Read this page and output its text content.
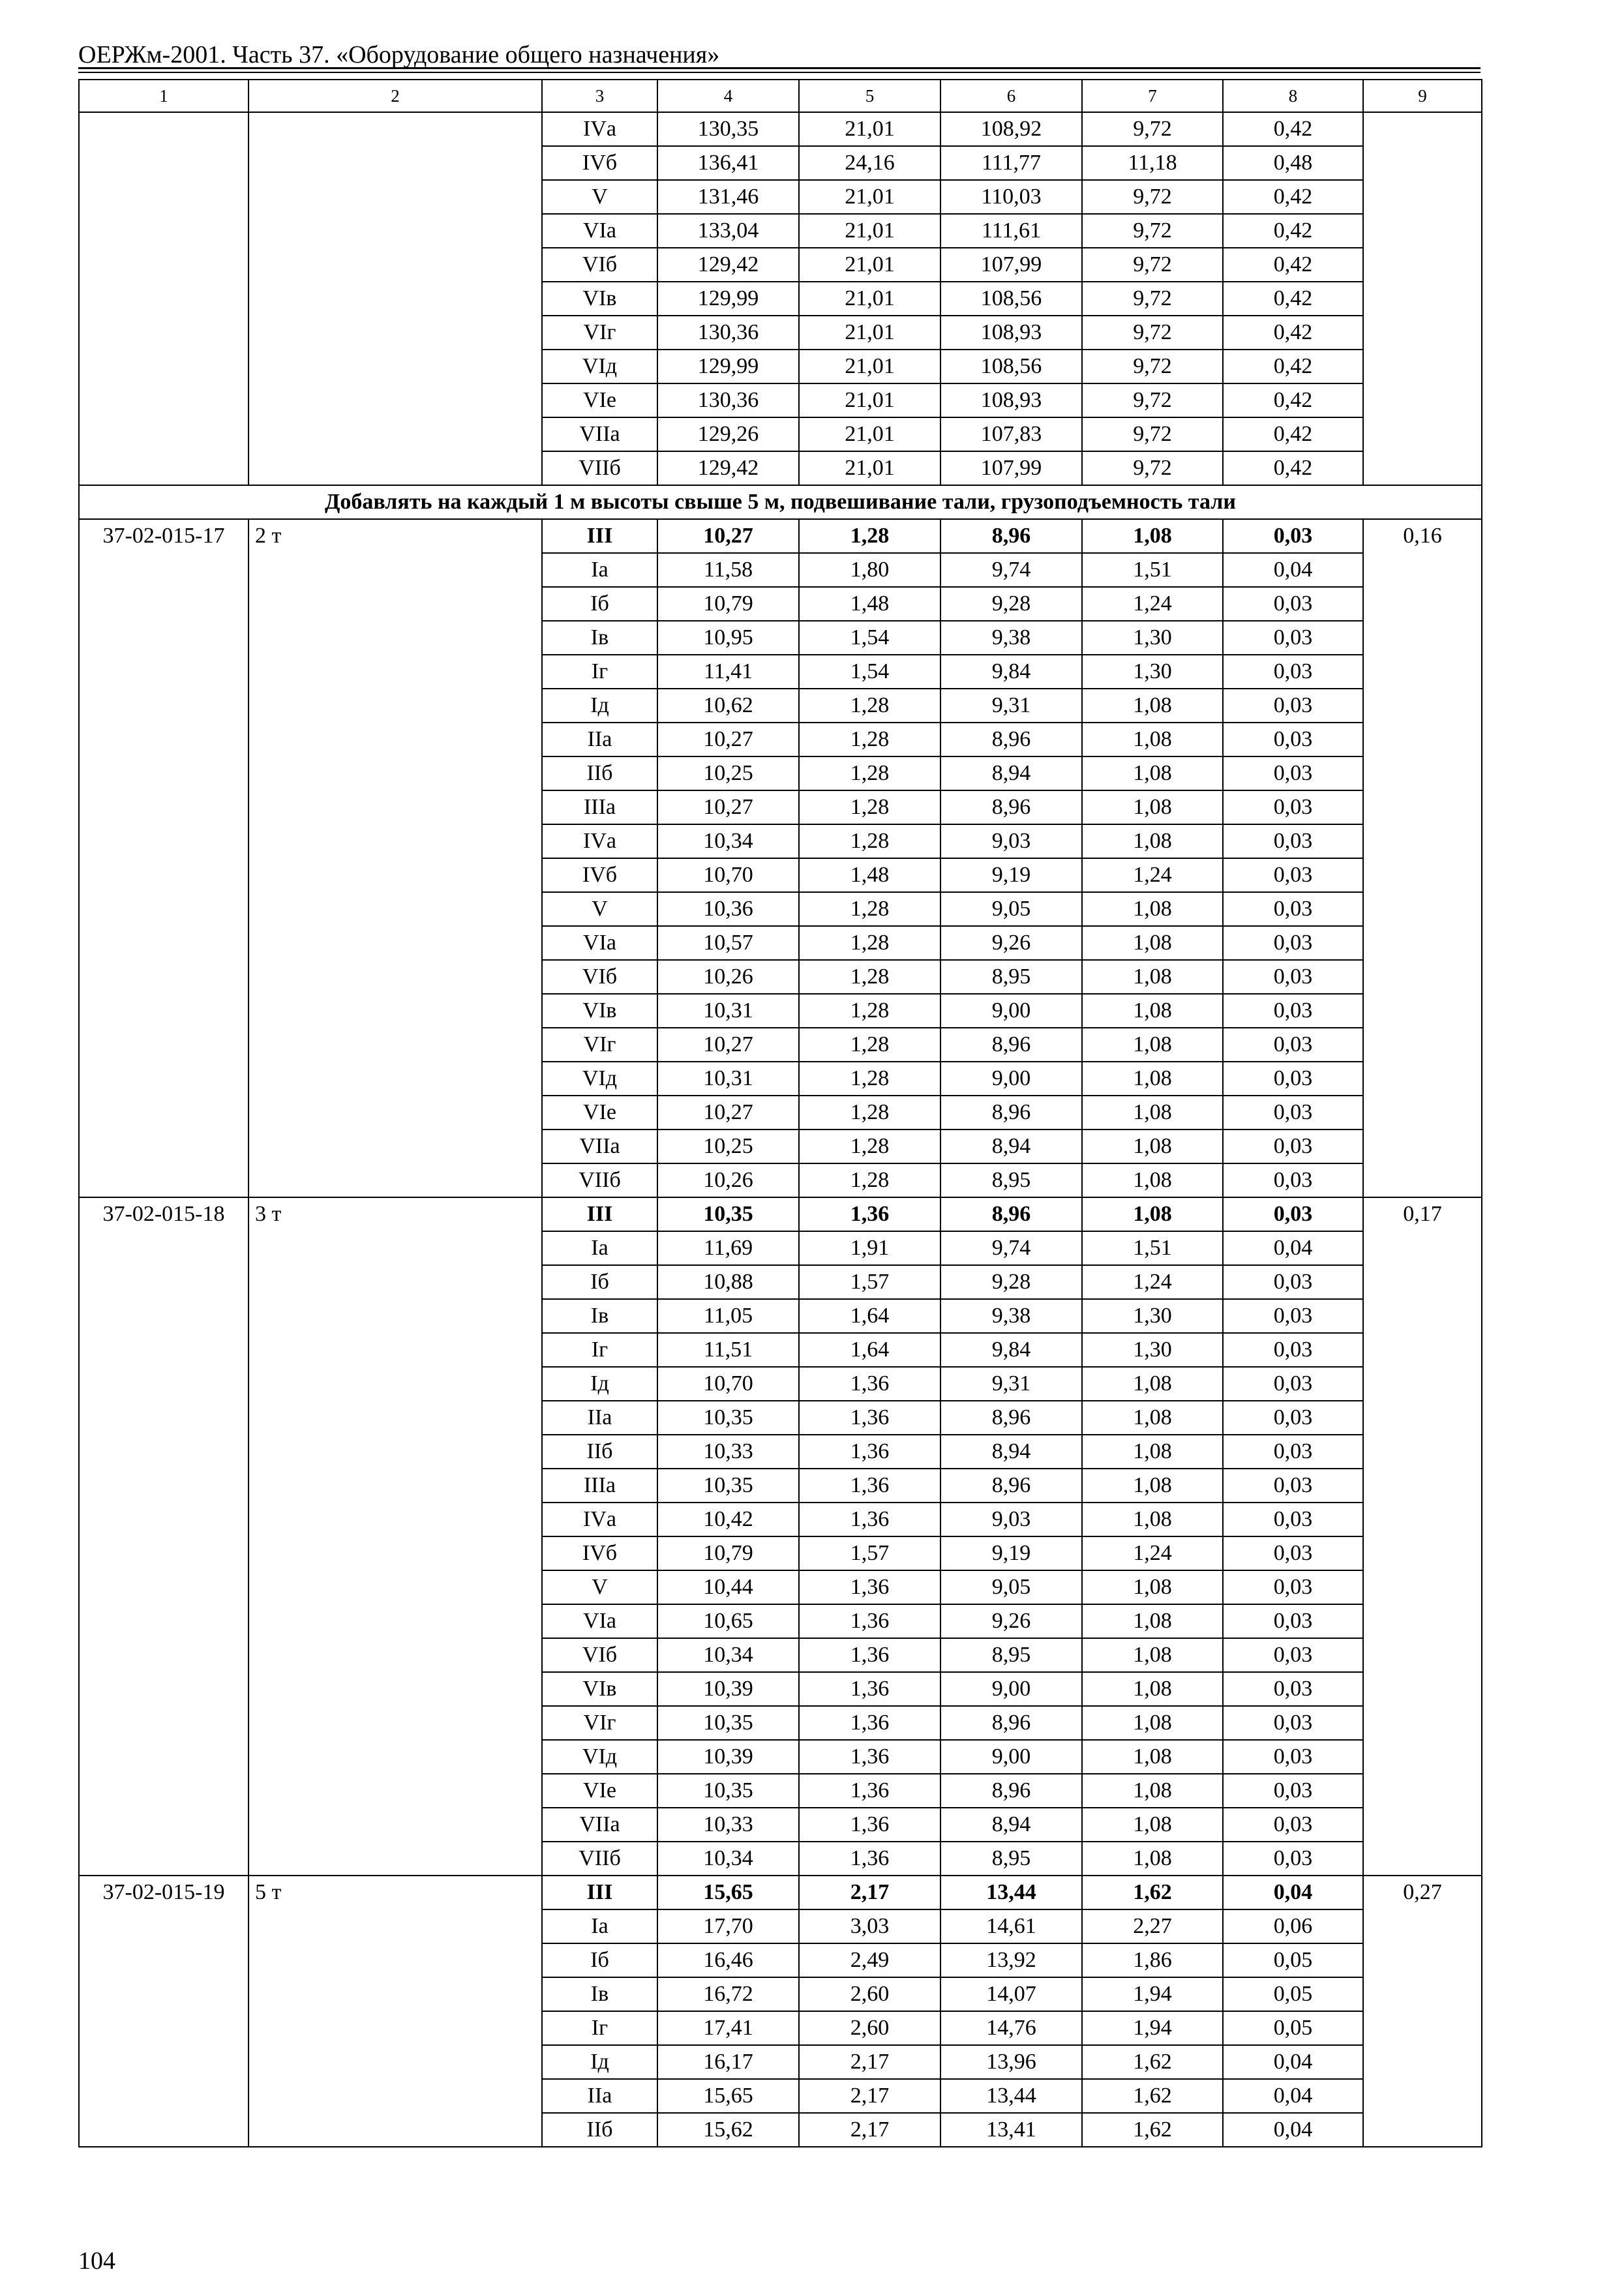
ОЕРЖм-2001. Часть 37. «Оборудование общего назначения»
1	2	3	4	5	6	7	8	9
		IVа	130,35	21,01	108,92	9,72	0,42	
		IVб	136,41	24,16	111,77	11,18	0,48	
		V	131,46	21,01	110,03	9,72	0,42	
		VIа	133,04	21,01	111,61	9,72	0,42	
		VIб	129,42	21,01	107,99	9,72	0,42	
		VIв	129,99	21,01	108,56	9,72	0,42	
		VIг	130,36	21,01	108,93	9,72	0,42	
		VIд	129,99	21,01	108,56	9,72	0,42	
		VIе	130,36	21,01	108,93	9,72	0,42	
		VIIа	129,26	21,01	107,83	9,72	0,42	
		VIIб	129,42	21,01	107,99	9,72	0,42	
Добавлять на каждый 1 м высоты свыше 5 м, подвешивание тали, грузоподъемность тали								
37-02-015-17	2 т	III	10,27	1,28	8,96	1,08	0,03	0,16
		Iа	11,58	1,80	9,74	1,51	0,04	
		Iб	10,79	1,48	9,28	1,24	0,03	
		Iв	10,95	1,54	9,38	1,30	0,03	
		Iг	11,41	1,54	9,84	1,30	0,03	
		Iд	10,62	1,28	9,31	1,08	0,03	
		IIа	10,27	1,28	8,96	1,08	0,03	
		IIб	10,25	1,28	8,94	1,08	0,03	
		IIIа	10,27	1,28	8,96	1,08	0,03	
		IVа	10,34	1,28	9,03	1,08	0,03	
		IVб	10,70	1,48	9,19	1,24	0,03	
		V	10,36	1,28	9,05	1,08	0,03	
		VIа	10,57	1,28	9,26	1,08	0,03	
		VIб	10,26	1,28	8,95	1,08	0,03	
		VIв	10,31	1,28	9,00	1,08	0,03	
		VIг	10,27	1,28	8,96	1,08	0,03	
		VIд	10,31	1,28	9,00	1,08	0,03	
		VIе	10,27	1,28	8,96	1,08	0,03	
		VIIа	10,25	1,28	8,94	1,08	0,03	
		VIIб	10,26	1,28	8,95	1,08	0,03	
37-02-015-18	3 т	III	10,35	1,36	8,96	1,08	0,03	0,17
		Iа	11,69	1,91	9,74	1,51	0,04	
		Iб	10,88	1,57	9,28	1,24	0,03	
		Iв	11,05	1,64	9,38	1,30	0,03	
		Iг	11,51	1,64	9,84	1,30	0,03	
		Iд	10,70	1,36	9,31	1,08	0,03	
		IIа	10,35	1,36	8,96	1,08	0,03	
		IIб	10,33	1,36	8,94	1,08	0,03	
		IIIа	10,35	1,36	8,96	1,08	0,03	
		IVа	10,42	1,36	9,03	1,08	0,03	
		IVб	10,79	1,57	9,19	1,24	0,03	
		V	10,44	1,36	9,05	1,08	0,03	
		VIа	10,65	1,36	9,26	1,08	0,03	
		VIб	10,34	1,36	8,95	1,08	0,03	
		VIв	10,39	1,36	9,00	1,08	0,03	
		VIг	10,35	1,36	8,96	1,08	0,03	
		VIд	10,39	1,36	9,00	1,08	0,03	
		VIе	10,35	1,36	8,96	1,08	0,03	
		VIIа	10,33	1,36	8,94	1,08	0,03	
		VIIб	10,34	1,36	8,95	1,08	0,03	
37-02-015-19	5 т	III	15,65	2,17	13,44	1,62	0,04	0,27
		Iа	17,70	3,03	14,61	2,27	0,06	
		Iб	16,46	2,49	13,92	1,86	0,05	
		Iв	16,72	2,60	14,07	1,94	0,05	
		Iг	17,41	2,60	14,76	1,94	0,05	
		Iд	16,17	2,17	13,96	1,62	0,04	
		IIа	15,65	2,17	13,44	1,62	0,04	
		IIб	15,62	2,17	13,41	1,62	0,04	
104
